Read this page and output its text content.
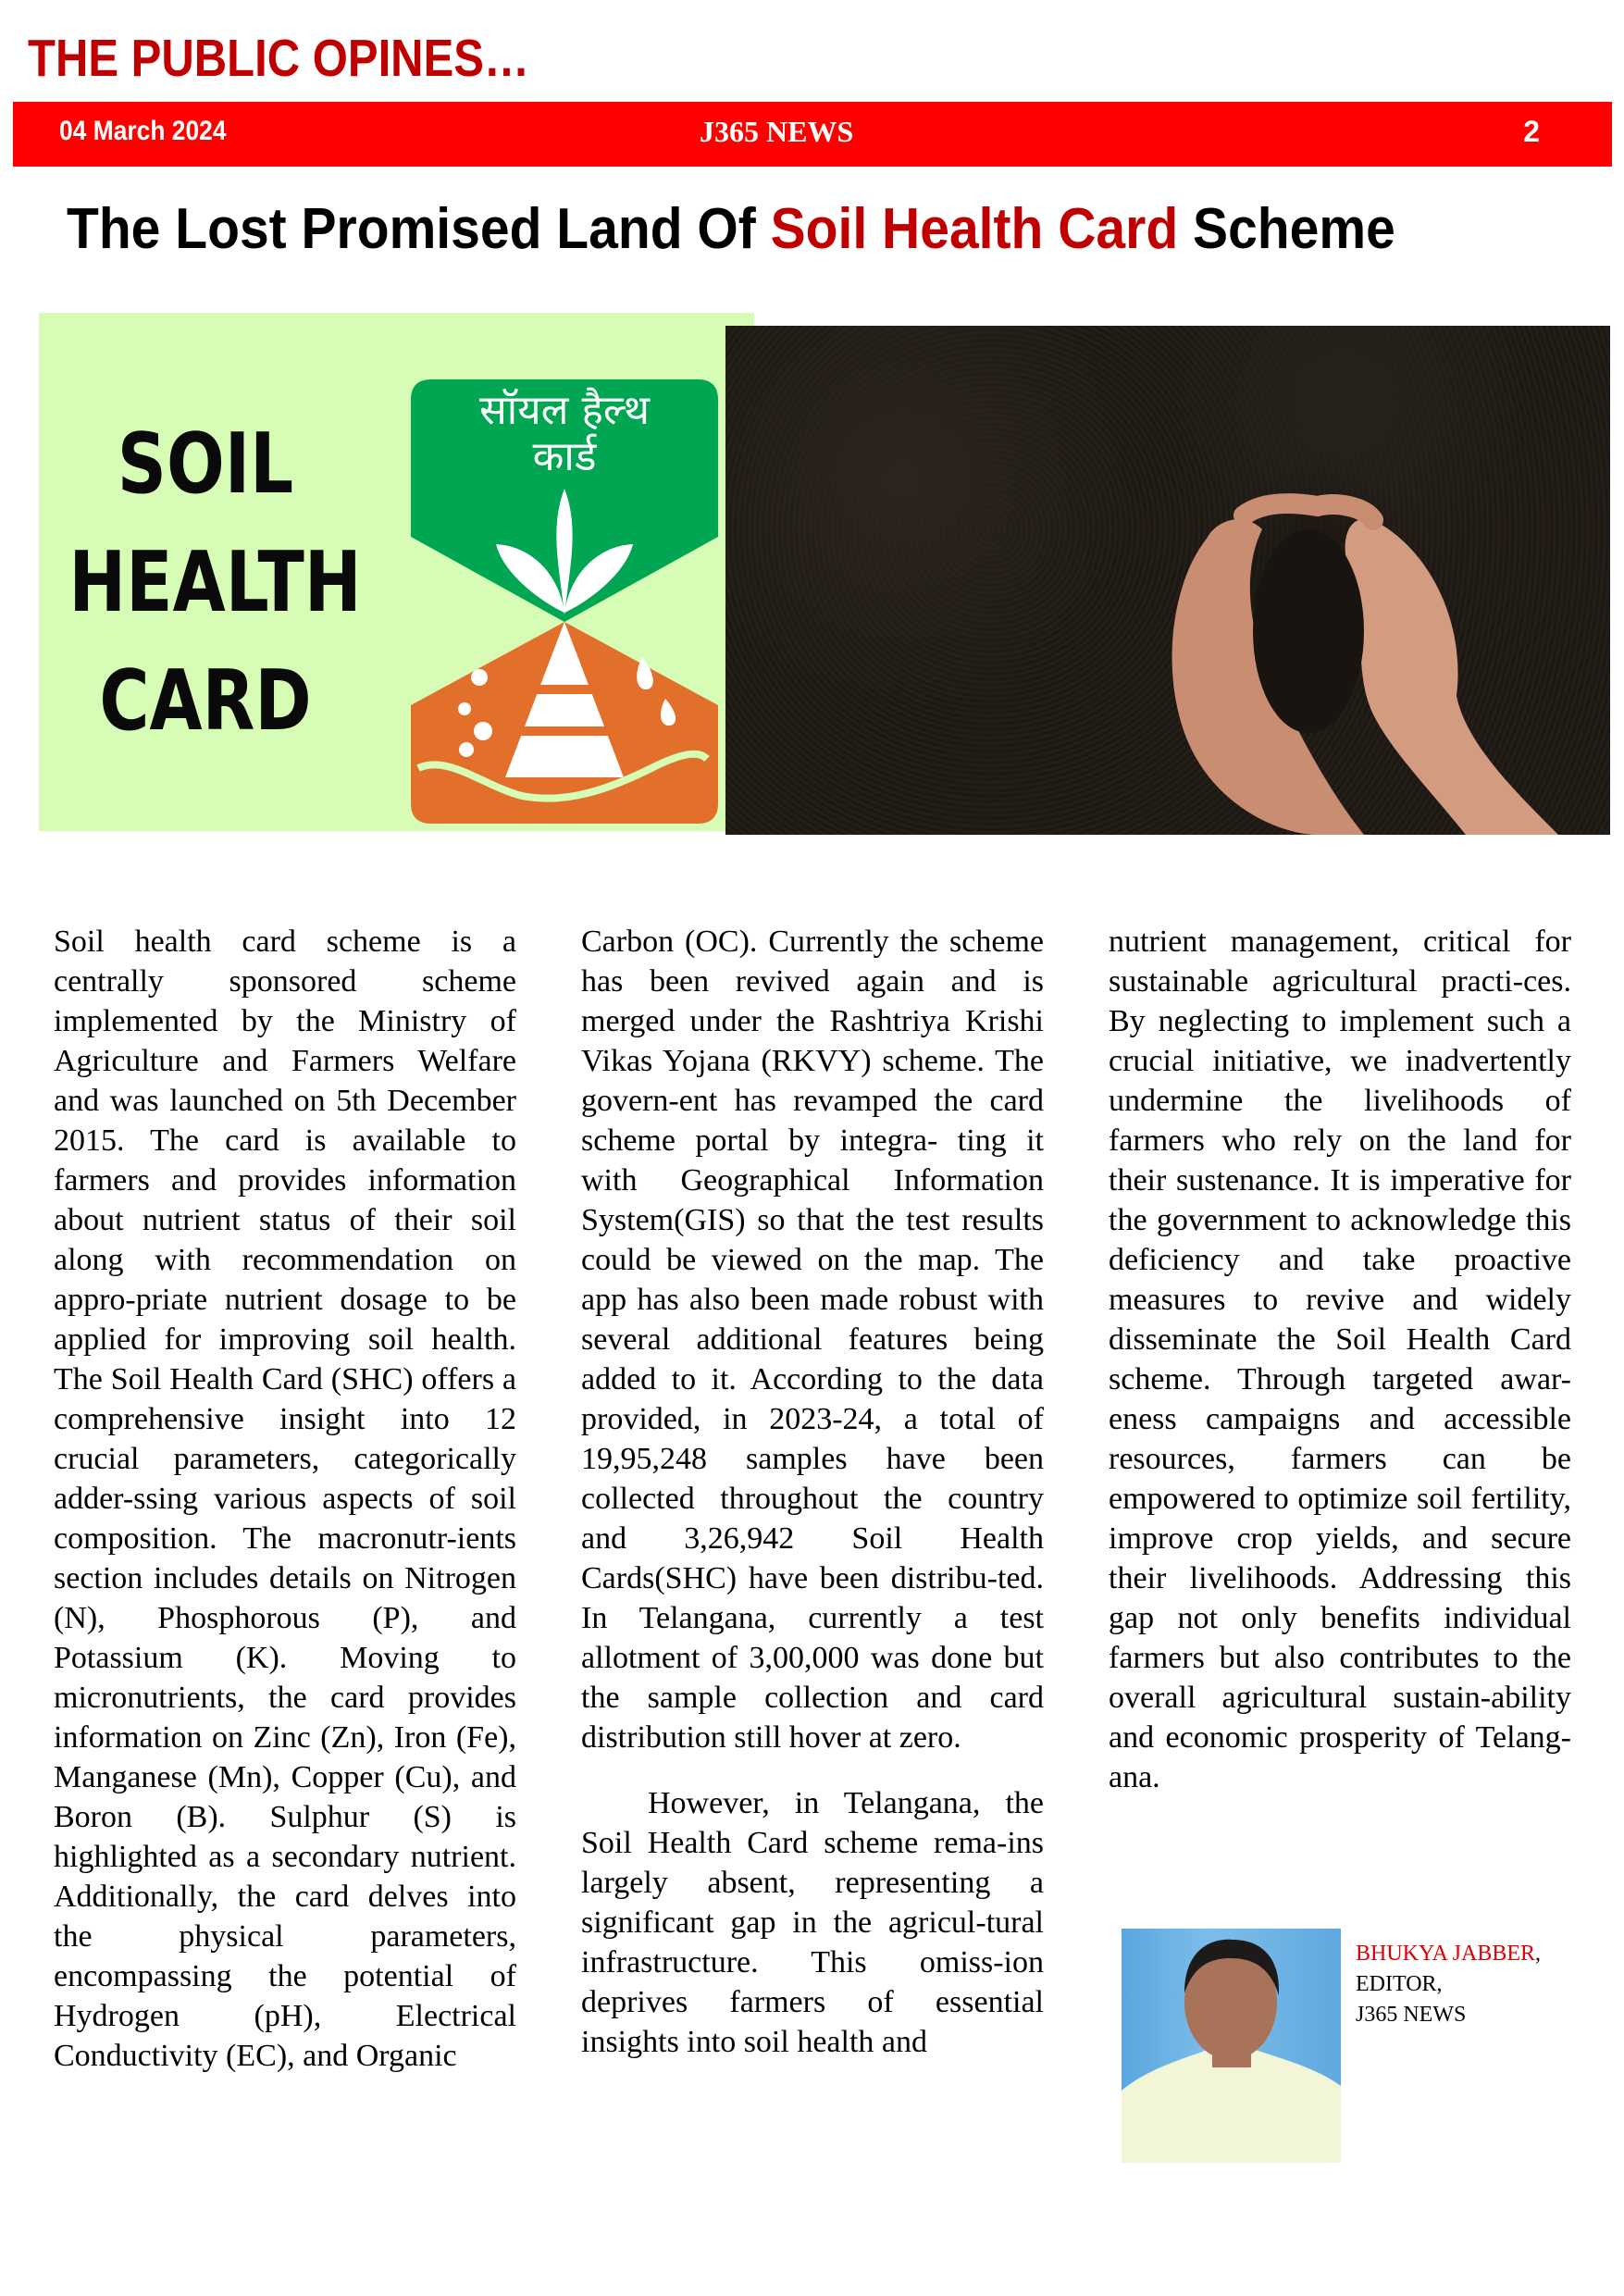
THE PUBLIC OPINES…
04 March 2024	J365 NEWS	2
The Lost Promised Land Of Soil Health Card Scheme
SOIL
HEALTH
CARD
सॉयल हैल्थ
कार्ड

Soil health card scheme is a centrally sponsored scheme implemented by the Ministry of Agriculture and Farmers Welfare and was launched on 5th December 2015. The card is available to farmers and provides information about nutrient status of their soil along with recommendation on appro-priate nutrient dosage to be applied for improving soil health. The Soil Health Card (SHC) offers a comprehensive insight into 12 crucial parameters, categorically adder-ssing various aspects of soil composition. The macronutr-ients section includes details on Nitrogen (N), Phosphorous (P), and Potassium (K). Moving to micronutrients, the card provides information on Zinc (Zn), Iron (Fe), Manganese (Mn), Copper (Cu), and Boron (B). Sulphur (S) is highlighted as a secondary nutrient. Additionally, the card delves into the physical parameters, encompassing the potential of Hydrogen (pH), Electrical Conductivity (EC), and Organic

Carbon (OC). Currently the scheme has been revived again and is merged under the Rashtriya Krishi Vikas Yojana (RKVY) scheme. The govern-ent has revamped the card scheme portal by integra- ting it with Geographical Information System(GIS) so that the test results could be viewed on the map. The app has also been made robust with several additional features being added to it. According to the data provided, in 2023-24, a total of 19,95,248 samples have been collected throughout the country and 3,26,942 Soil Health Cards(SHC) have been distribu-ted. In Telangana, currently a test allotment of 3,00,000 was done but the sample collection and card distribution still hover at zero.

However, in Telangana, the Soil Health Card scheme rema-ins largely absent, representing a significant gap in the agricul-tural infrastructure. This omiss-ion deprives farmers of essential insights into soil health and

nutrient management, critical for sustainable agricultural practi-ces. By neglecting to implement such a crucial initiative, we inadvertently undermine the livelihoods of farmers who rely on the land for their sustenance. It is imperative for the government to acknowledge this deficiency and take proactive measures to revive and widely disseminate the Soil Health Card scheme. Through targeted awar-eness campaigns and accessible resources, farmers can be empowered to optimize soil fertility, improve crop yields, and secure their livelihoods. Addressing this gap not only benefits individual farmers but also contributes to the overall agricultural sustain-ability and economic prosperity of Telang-ana.

BHUKYA JABBER,
EDITOR,
J365 NEWS
